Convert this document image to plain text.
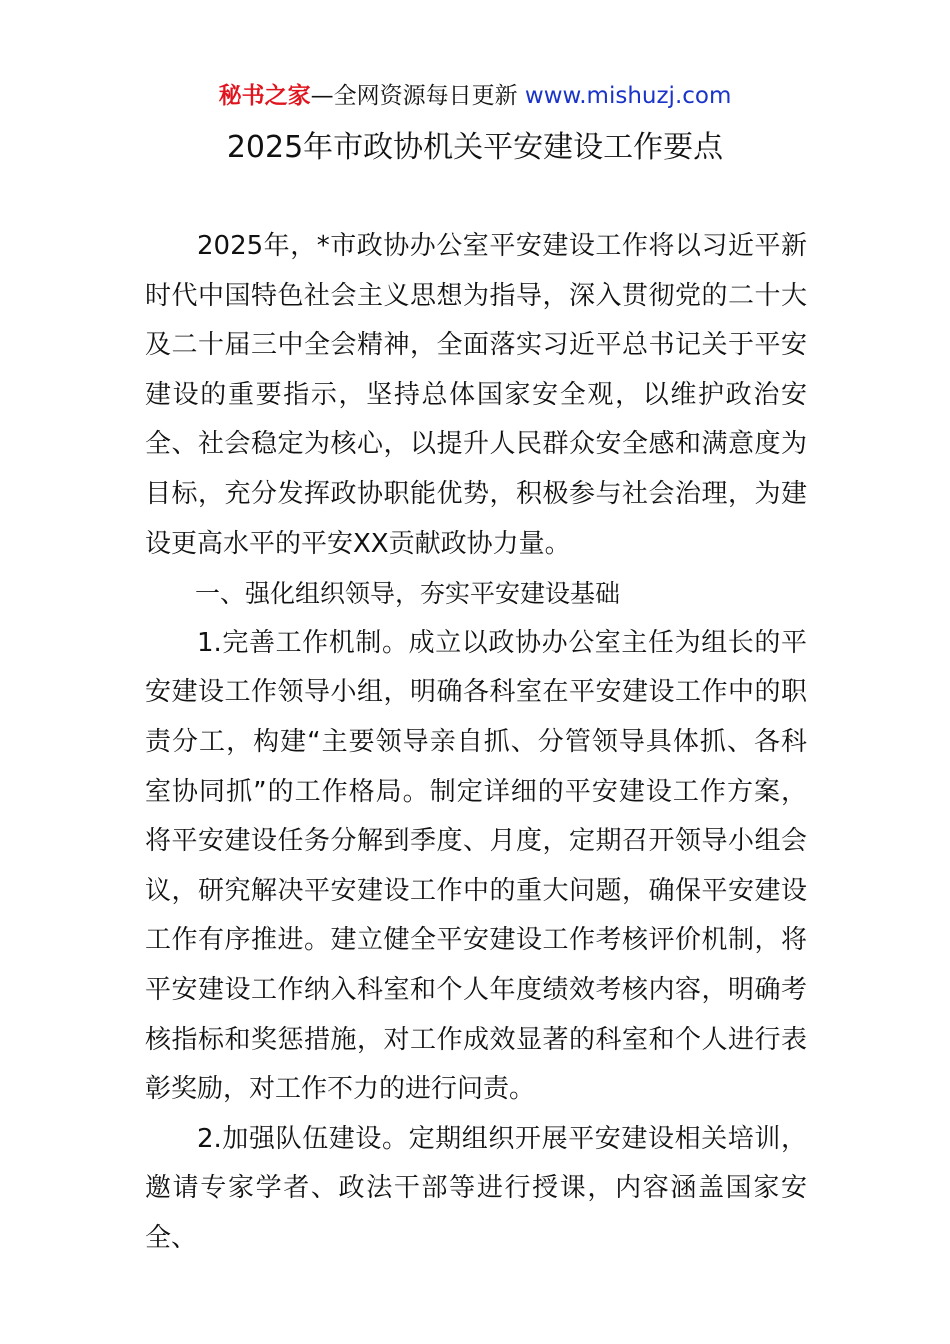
秘书之家—全网资源每日更新 www.mishuzj.com
2025年市政协机关平安建设工作要点

2025年，*市政协办公室平安建设工作将以习近平新时代中国特色社会主义思想为指导，深入贯彻党的二十大及二十届三中全会精神，全面落实习近平总书记关于平安建设的重要指示，坚持总体国家安全观，以维护政治安全、社会稳定为核心，以提升人民群众安全感和满意度为目标，充分发挥政协职能优势，积极参与社会治理，为建设更高水平的平安XX贡献政协力量。

一、强化组织领导，夯实平安建设基础

1.完善工作机制。成立以政协办公室主任为组长的平安建设工作领导小组，明确各科室在平安建设工作中的职责分工，构建“主要领导亲自抓、分管领导具体抓、各科室协同抓”的工作格局。制定详细的平安建设工作方案，将平安建设任务分解到季度、月度，定期召开领导小组会议，研究解决平安建设工作中的重大问题，确保平安建设工作有序推进。建立健全平安建设工作考核评价机制，将平安建设工作纳入科室和个人年度绩效考核内容，明确考核指标和奖惩措施，对工作成效显著的科室和个人进行表彰奖励，对工作不力的进行问责。

2.加强队伍建设。定期组织开展平安建设相关培训，邀请专家学者、政法干部等进行授课，内容涵盖国家安全、
